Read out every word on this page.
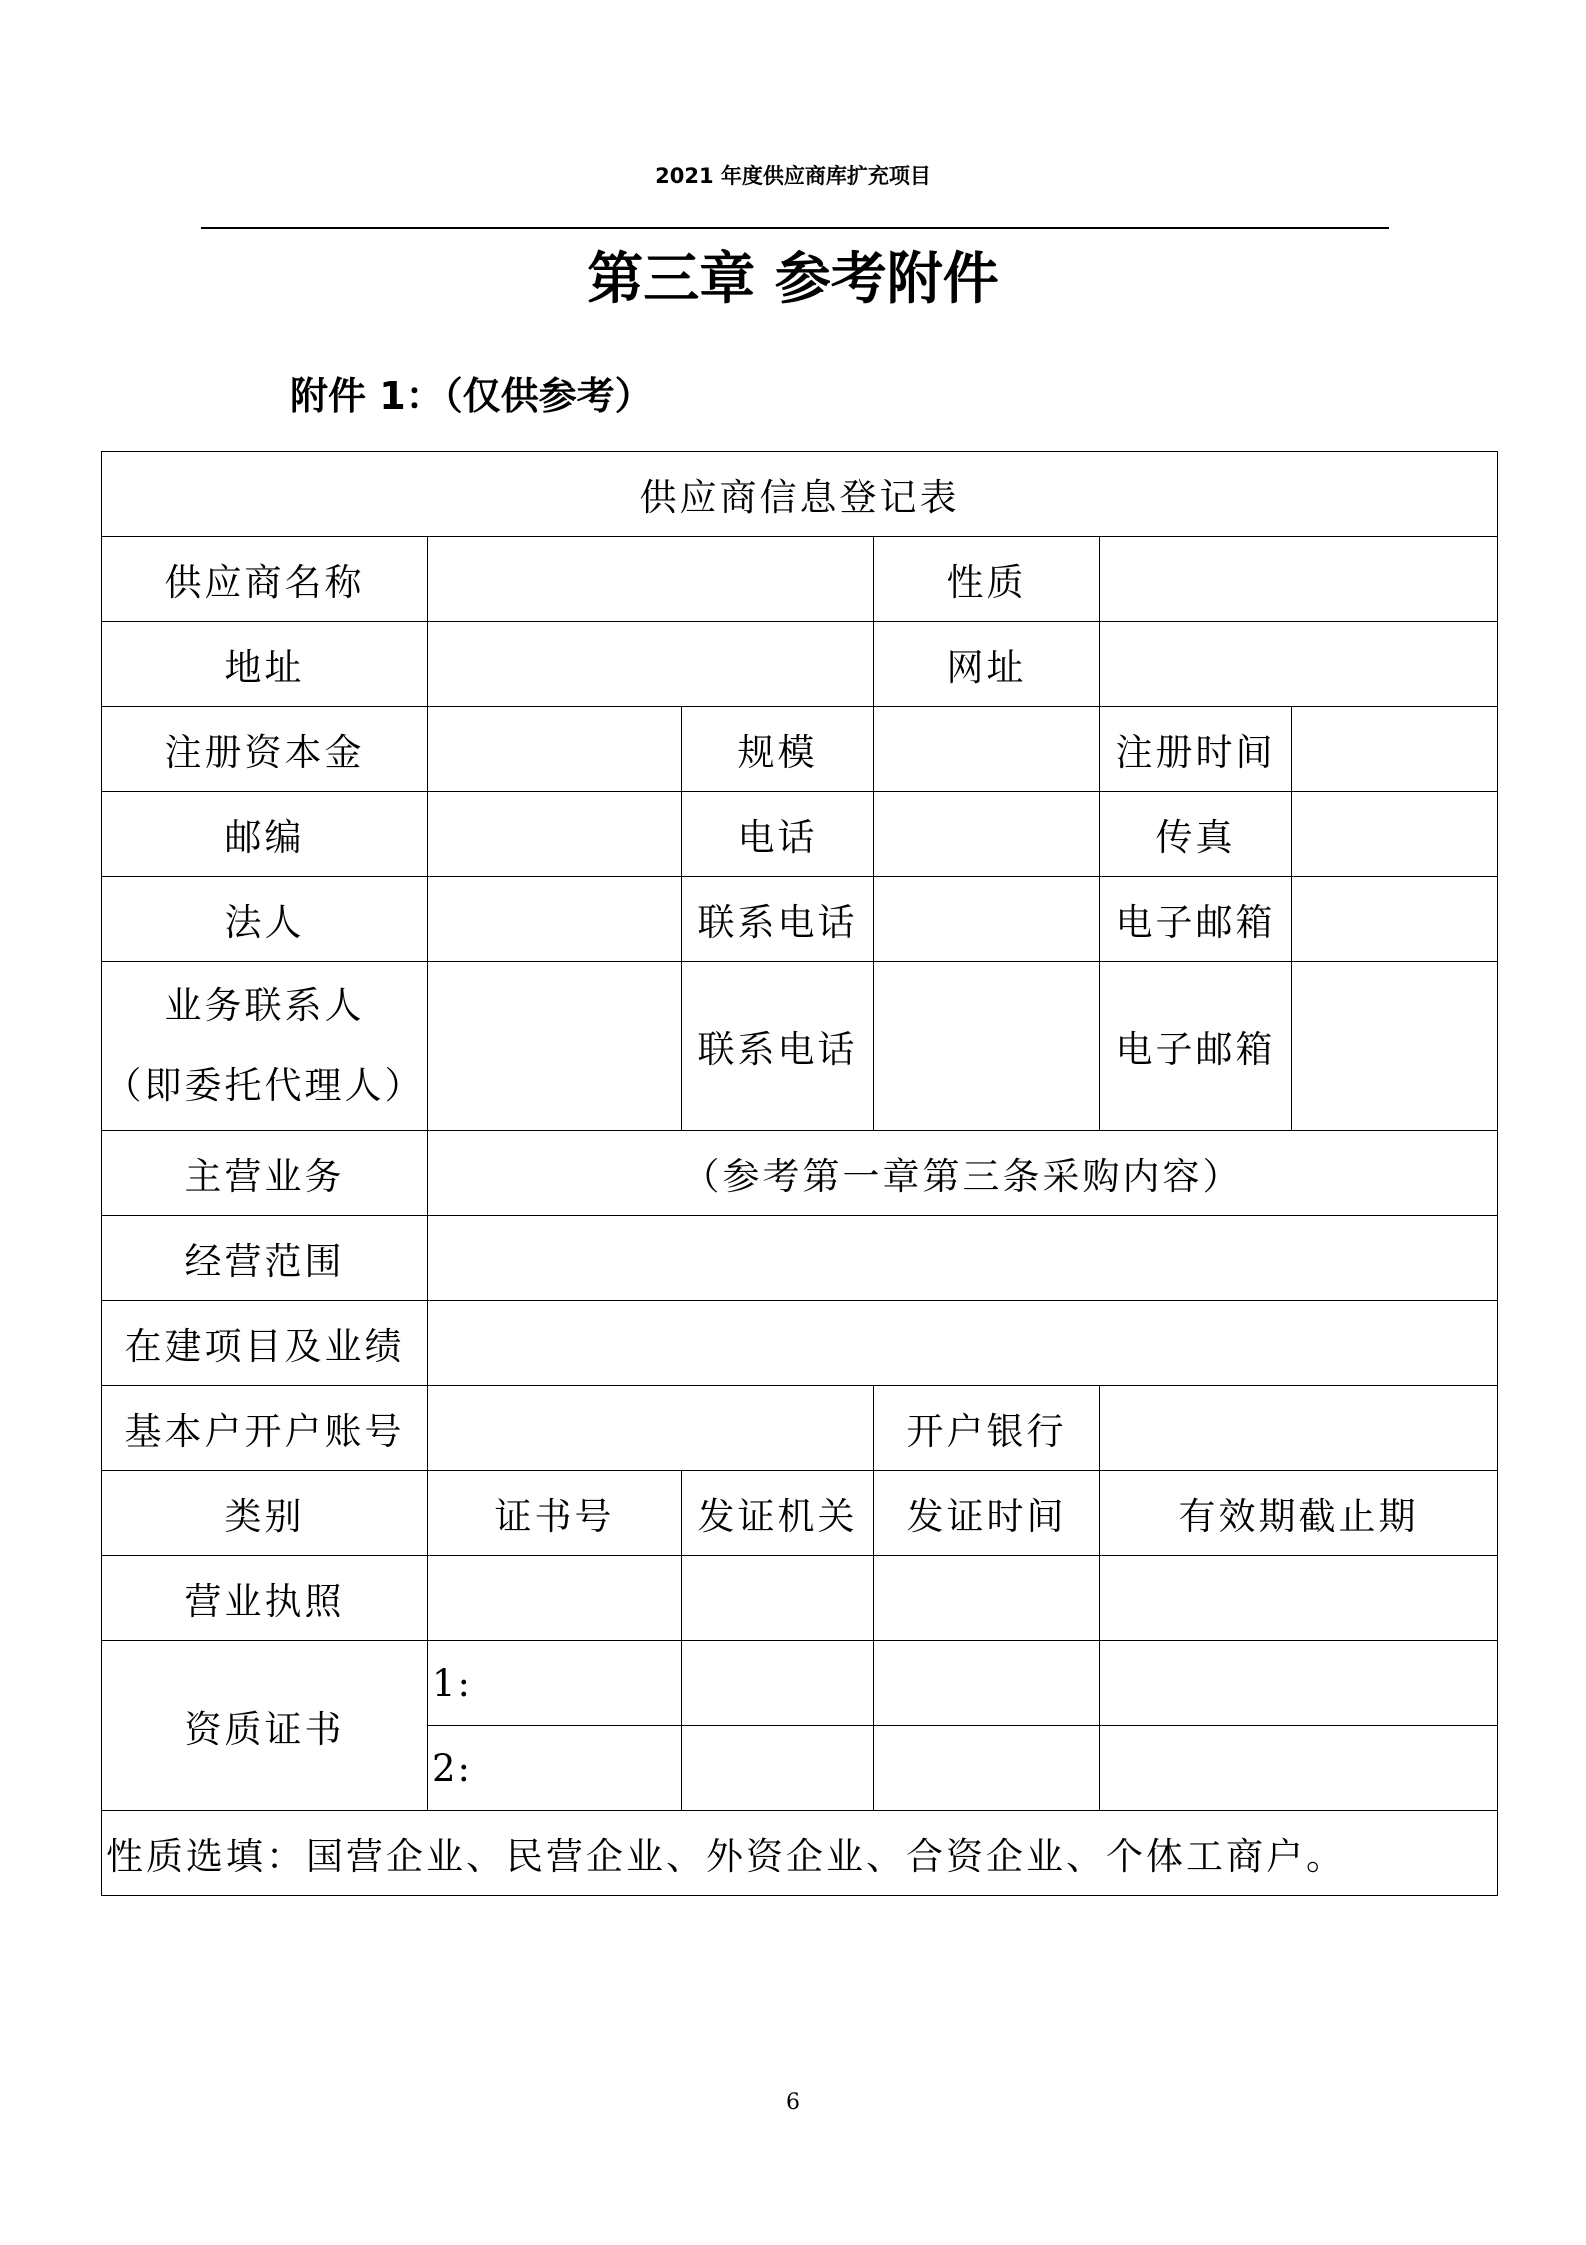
2021 年度供应商库扩充项目
第三章 参考附件
附件 1：（仅供参考）
供应商信息登记表					
供应商名称			性质		
地址			网址		
注册资本金		规模		注册时间	
邮编		电话		传真	
法人		联系电话		电子邮箱	
业务联系人
（即委托代理人）		联系电话		电子邮箱	
主营业务	（参考第一章第三条采购内容）				
经营范围					
在建项目及业绩					
基本户开户账号			开户银行		
类别	证书号	发证机关	发证时间	有效期截止期	
营业执照					
资质证书	1:				
	2:				
性质选填：国营企业、民营企业、外资企业、合资企业、个体工商户。					
6
